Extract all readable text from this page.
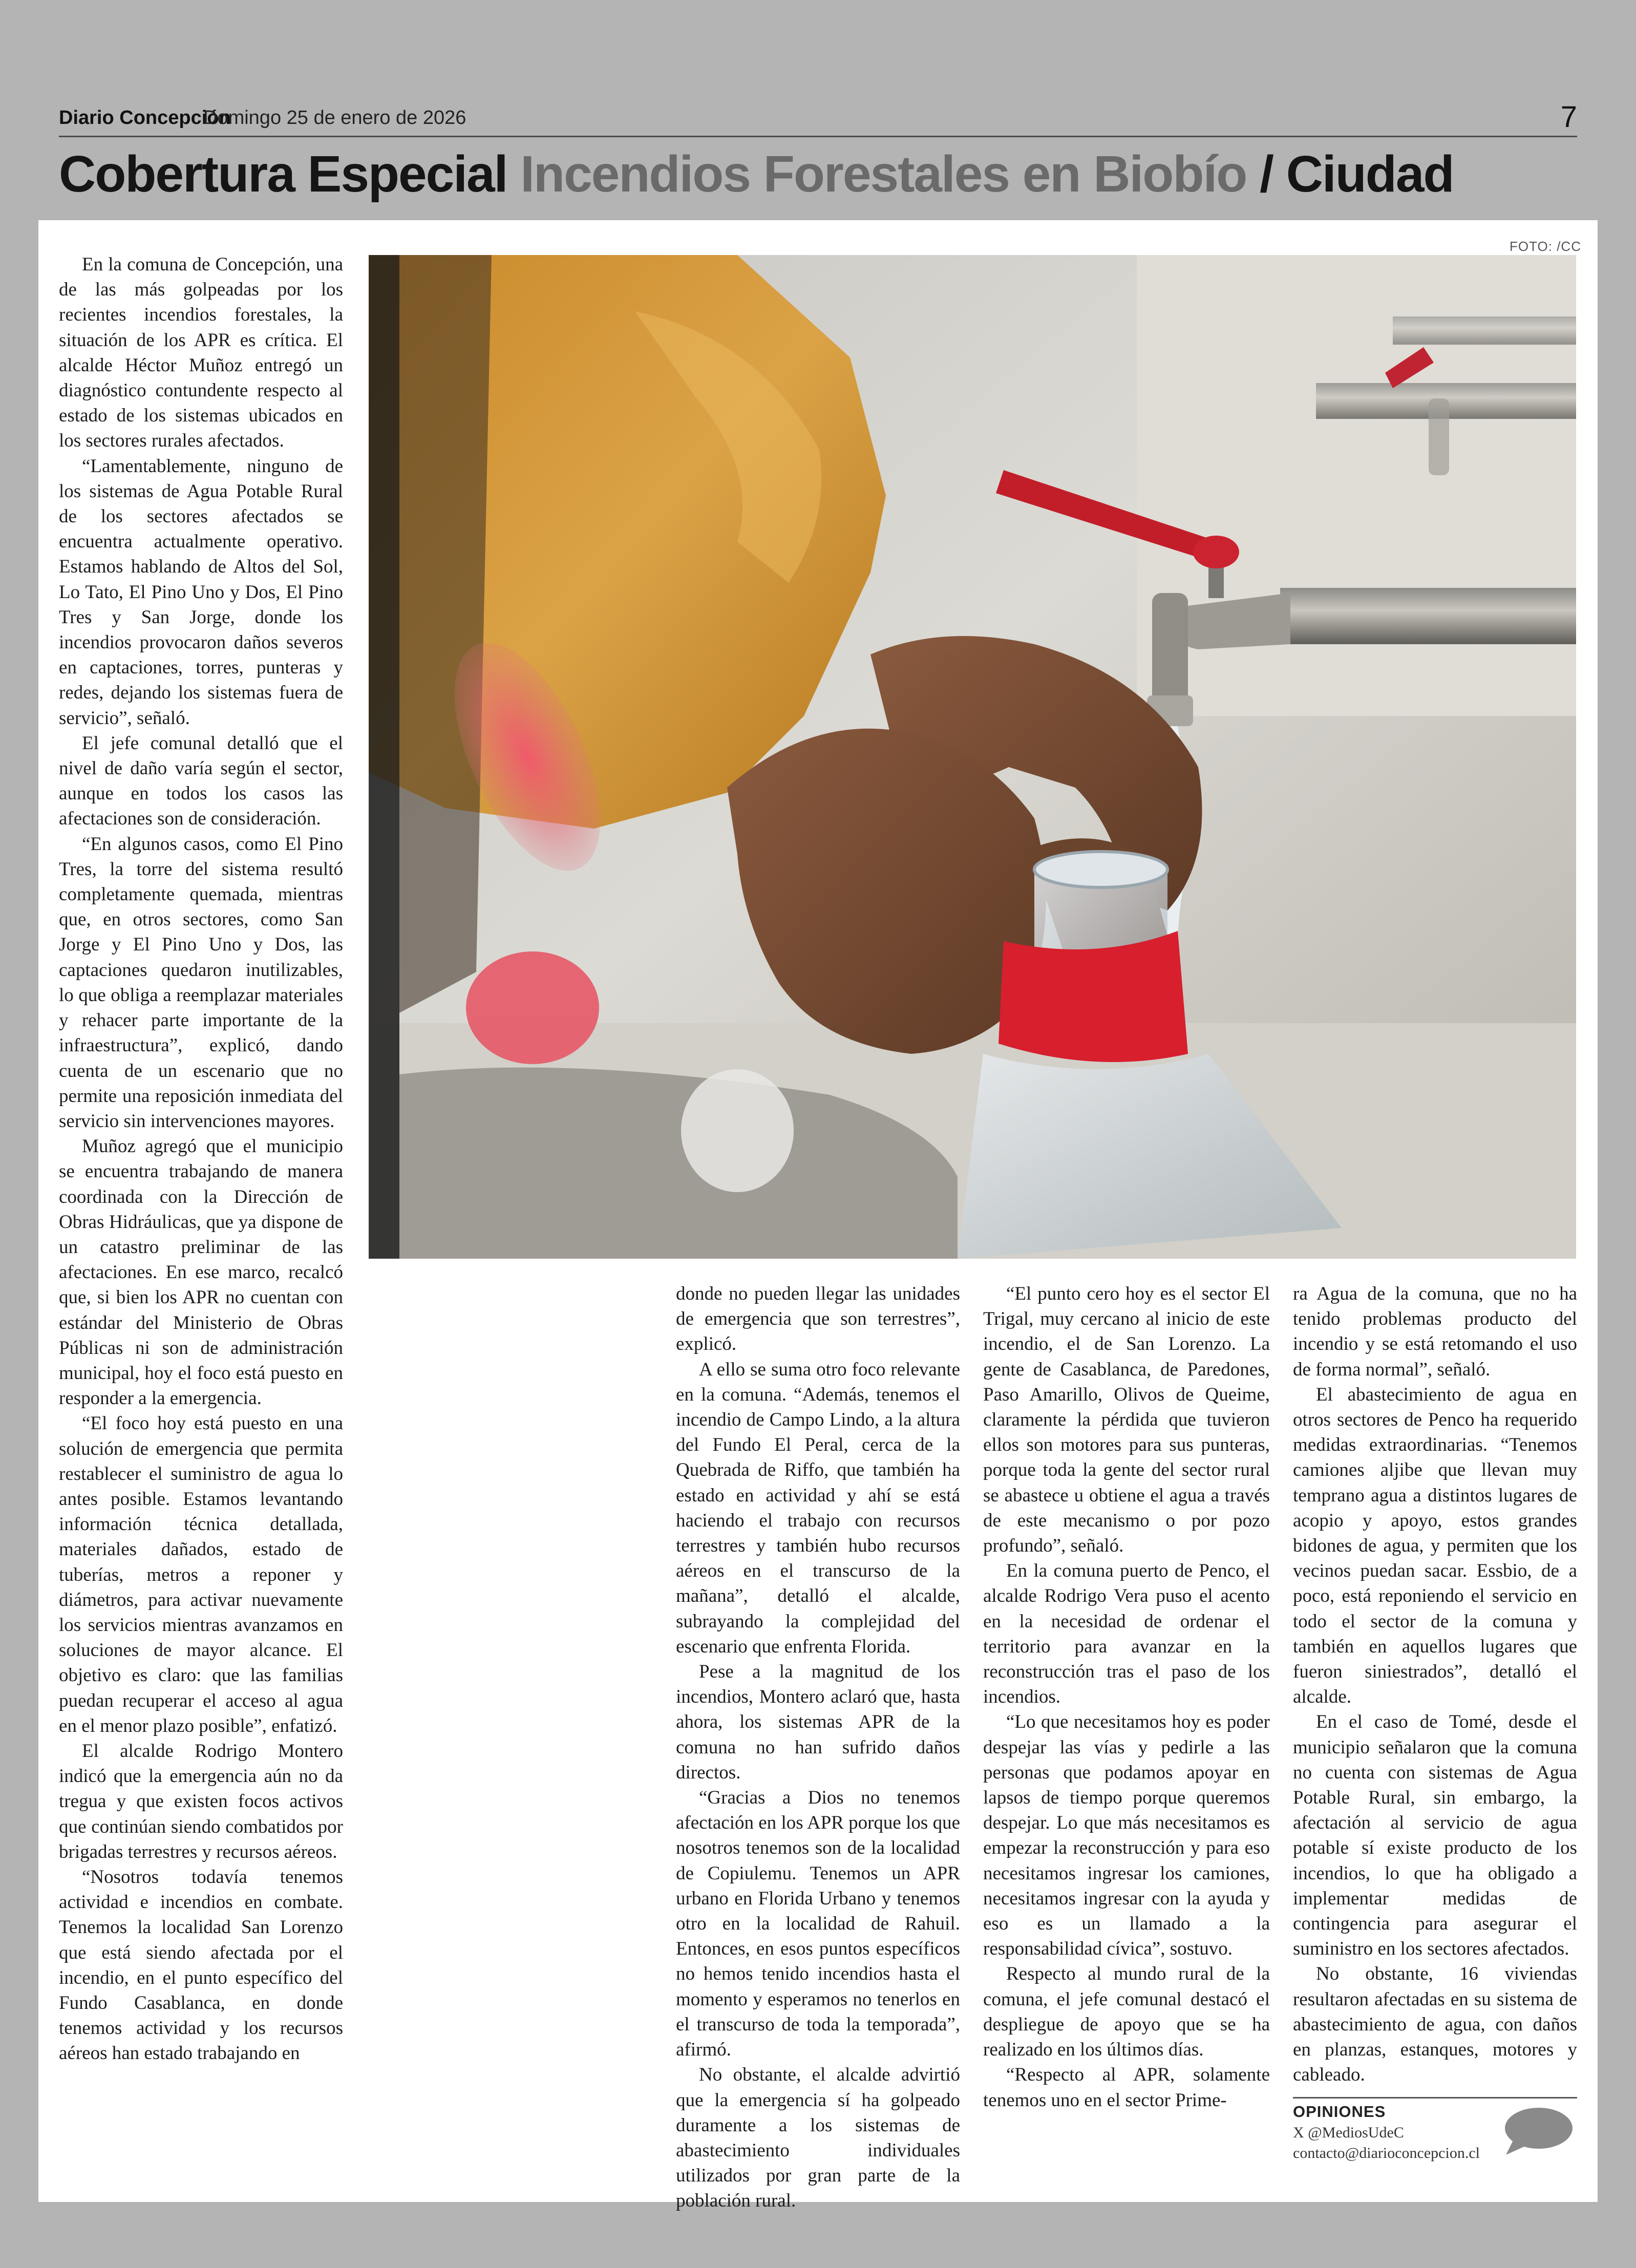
Diario Concepción
Domingo 25 de enero de 2026	7
Cobertura Especial Incendios Forestales en Biobío / Ciudad
FOTO: /CC

En la comuna de Concepción, una de las más golpeadas por los recientes incendios forestales, la situación de los APR es crítica. El alcalde Héctor Muñoz entregó un diagnóstico contundente respecto al estado de los sistemas ubicados en los sectores rurales afectados.

“Lamentablemente, ninguno de los sistemas de Agua Potable Rural de los sectores afectados se encuentra actualmente operativo. Estamos hablando de Altos del Sol, Lo Tato, El Pino Uno y Dos, El Pino Tres y San Jorge, donde los incendios provocaron daños severos en captaciones, torres, punteras y redes, dejando los sistemas fuera de servicio”, señaló.

El jefe comunal detalló que el nivel de daño varía según el sector, aunque en todos los casos las afectaciones son de consideración.

“En algunos casos, como El Pino Tres, la torre del sistema resultó completamente quemada, mientras que, en otros sectores, como San Jorge y El Pino Uno y Dos, las captaciones quedaron inutilizables, lo que obliga a reemplazar materiales y rehacer parte importante de la infraestructura”, explicó, dando cuenta de un escenario que no permite una reposición inmediata del servicio sin intervenciones mayores.

Muñoz agregó que el municipio se encuentra trabajando de manera coordinada con la Dirección de Obras Hidráulicas, que ya dispone de un catastro preliminar de las afectaciones. En ese marco, recalcó que, si bien los APR no cuentan con estándar del Ministerio de Obras Públicas ni son de administración municipal, hoy el foco está puesto en responder a la emergencia.

“El foco hoy está puesto en una solución de emergencia que permita restablecer el suministro de agua lo antes posible. Estamos levantando información técnica detallada, materiales dañados, estado de tuberías, metros a reponer y diámetros, para activar nuevamente los servicios mientras avanzamos en soluciones de mayor alcance. El objetivo es claro: que las familias puedan recuperar el acceso al agua en el menor plazo posible”, enfatizó.

El alcalde Rodrigo Montero indicó que la emergencia aún no da tregua y que existen focos activos que continúan siendo combatidos por brigadas terrestres y recursos aéreos.

“Nosotros todavía tenemos actividad e incendios en combate. Tenemos la localidad San Lorenzo que está siendo afectada por el incendio, en el punto específico del Fundo Casablanca, en donde tenemos actividad y los recursos aéreos han estado trabajando en

donde no pueden llegar las unidades de emergencia que son terrestres”, explicó.

A ello se suma otro foco relevante en la comuna. “Además, tenemos el incendio de Campo Lindo, a la altura del Fundo El Peral, cerca de la Quebrada de Riffo, que también ha estado en actividad y ahí se está haciendo el trabajo con recursos terrestres y también hubo recursos aéreos en el transcurso de la mañana”, detalló el alcalde, subrayando la complejidad del escenario que enfrenta Florida.

Pese a la magnitud de los incendios, Montero aclaró que, hasta ahora, los sistemas APR de la comuna no han sufrido daños directos.

“Gracias a Dios no tenemos afectación en los APR porque los que nosotros tenemos son de la localidad de Copiulemu. Tenemos un APR urbano en Florida Urbano y tenemos otro en la localidad de Rahuil. Entonces, en esos puntos específicos no hemos tenido incendios hasta el momento y esperamos no tenerlos en el transcurso de toda la temporada”, afirmó.

No obstante, el alcalde advirtió que la emergencia sí ha golpeado duramente a los sistemas de abastecimiento individuales utilizados por gran parte de la población rural.

“El punto cero hoy es el sector El Trigal, muy cercano al inicio de este incendio, el de San Lorenzo. La gente de Casablanca, de Paredones, Paso Amarillo, Olivos de Queime, claramente la pérdida que tuvieron ellos son motores para sus punteras, porque toda la gente del sector rural se abastece u obtiene el agua a través de este mecanismo o por pozo profundo”, señaló.

En la comuna puerto de Penco, el alcalde Rodrigo Vera puso el acento en la necesidad de ordenar el territorio para avanzar en la reconstrucción tras el paso de los incendios.

“Lo que necesitamos hoy es poder despejar las vías y pedirle a las personas que podamos apoyar en lapsos de tiempo porque queremos despejar. Lo que más necesitamos es empezar la reconstrucción y para eso necesitamos ingresar los camiones, necesitamos ingresar con la ayuda y eso es un llamado a la responsabilidad cívica”, sostuvo.

Respecto al mundo rural de la comuna, el jefe comunal destacó el despliegue de apoyo que se ha realizado en los últimos días.

“Respecto al APR, solamente tenemos uno en el sector Prime-

ra Agua de la comuna, que no ha tenido problemas producto del incendio y se está retomando el uso de forma normal”, señaló.

El abastecimiento de agua en otros sectores de Penco ha requerido medidas extraordinarias. “Tenemos camiones aljibe que llevan muy temprano agua a distintos lugares de acopio y apoyo, estos grandes bidones de agua, y permiten que los vecinos puedan sacar. Essbio, de a poco, está reponiendo el servicio en todo el sector de la comuna y también en aquellos lugares que fueron siniestrados”, detalló el alcalde.

En el caso de Tomé, desde el municipio señalaron que la comuna no cuenta con sistemas de Agua Potable Rural, sin embargo, la afectación al servicio de agua potable sí existe producto de los incendios, lo que ha obligado a implementar medidas de contingencia para asegurar el suministro en los sectores afectados.

No obstante, 16 viviendas resultaron afectadas en su sistema de abastecimiento de agua, con daños en planzas, estanques, motores y cableado.

OPINIONES
X @MediosUdeC
contacto@diarioconcepcion.cl
